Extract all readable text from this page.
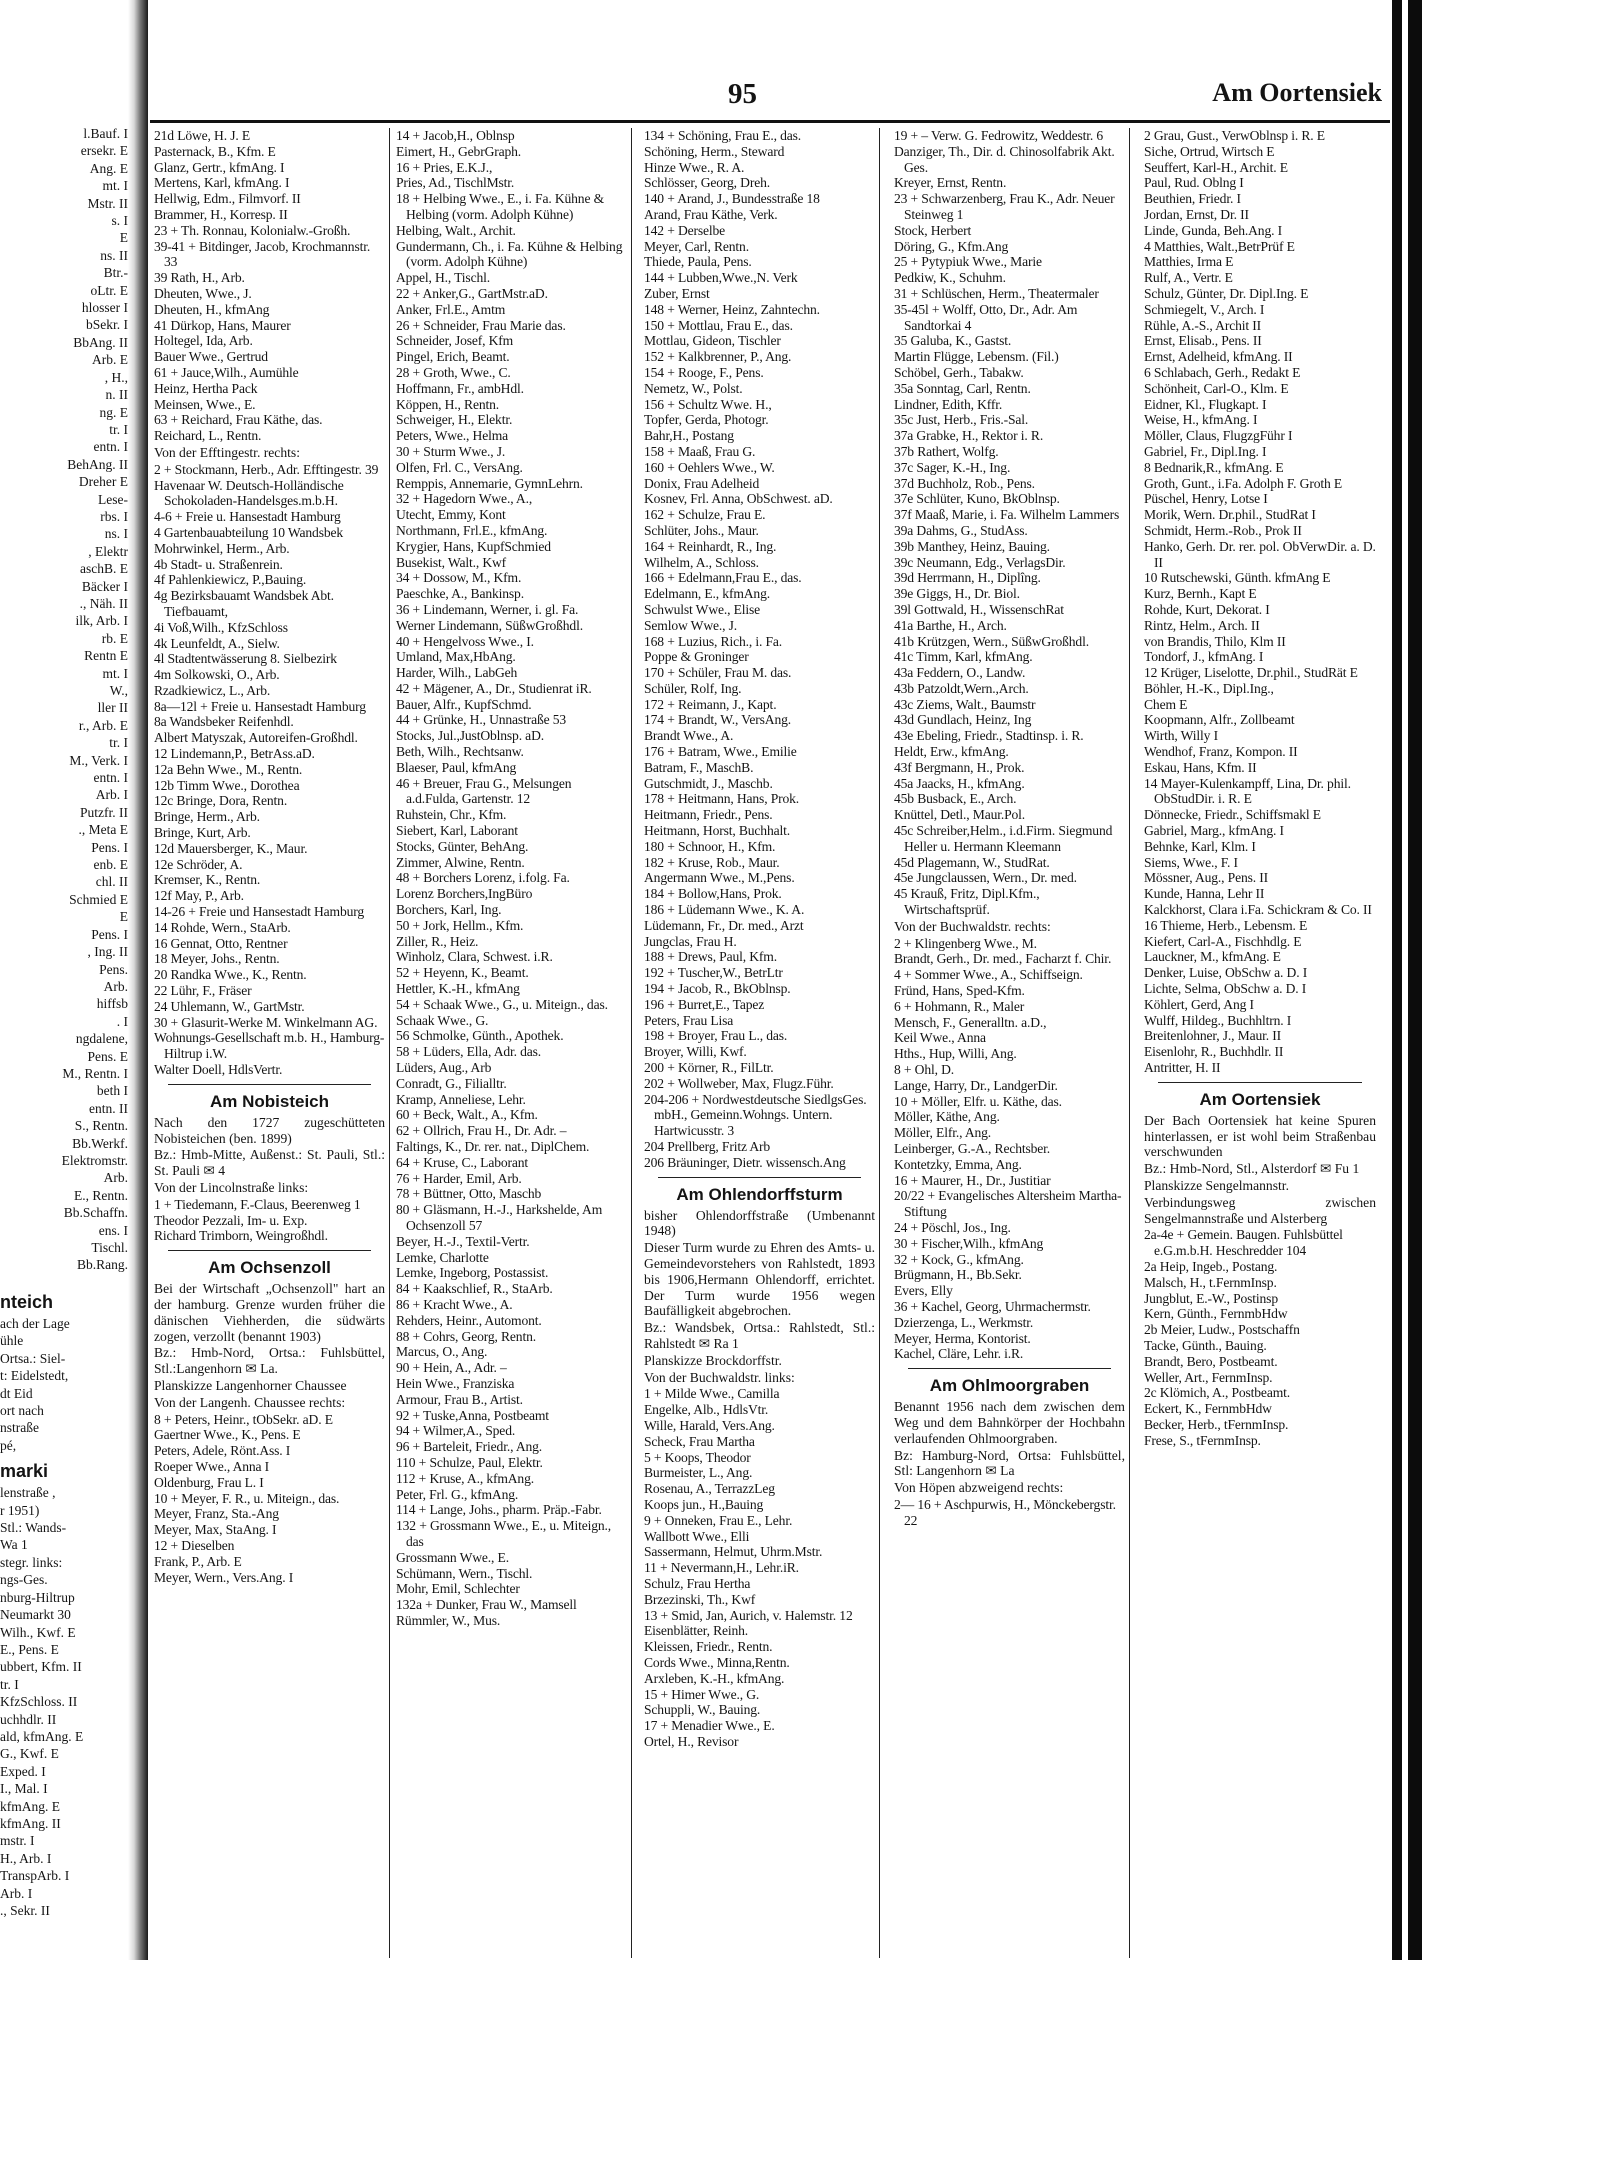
l.Bauf. I
ersekr. E
Ang. E
mt. I
Mstr. II
s. I
E
ns. II
Btr.-
oLtr. E
hlosser I
bSekr. I
BbAng. II
Arb. E
, H.,
n. II
ng. E
tr. I
entn. I
BehAng. II
Dreher E
Lese-
rbs. I
ns. I
, Elektr
aschB. E
Bäcker I
., Näh. II
ilk, Arb. I
rb. E
Rentn E
mt. I
W.,
ller II
r., Arb. E
tr. I
M., Verk. I
entn. I
Arb. I
Putzfr. II
., Meta E
Pens. I
enb. E
chl. II
Schmied E
E
Pens. I
, Ing. II
Pens.
Arb.
hiffsb
. I
ngdalene,
Pens. E
M., Rentn. I
beth I
entn. II
S., Rentn.
Bb.Werkf.
Elektromstr.
Arb.
E., Rentn.
Bb.Schaffn.
ens. I
Tischl.
Bb.Rang.
nteich
ach der Lage
ühle
Ortsa.: Siel-
t: Eidelstedt,
dt Eid
ort nach
nstraße
pé,
marki
lenstraße ,
r 1951)
Stl.: Wands-
Wa 1
stegr. links:
ngs-Ges.
nburg-Hiltrup
Neumarkt 30
Wilh., Kwf. E
E., Pens. E
ubbert, Kfm. II
tr. I
KfzSchloss. II
uchhdlr. II
ald, kfmAng. E
G., Kwf. E
Exped. I
I., Mal. I
kfmAng. E
kfmAng. II
mstr. I
H., Arb. I
TranspArb. I
Arb. I
., Sekr. II
95	Am Oortensiek
21d Löwe, H. J. E
Pasternack, B., Kfm. E
Glanz, Gertr., kfmAng. I
Mertens, Karl, kfmAng. I
Hellwig, Edm., Filmvorf. II
Brammer, H., Korresp. II
23 + Th. Ronnau, Kolonialw.-Großh.
39-41 + Bitdinger, Jacob, Krochmannstr. 33
39 Rath, H., Arb.
Dheuten, Wwe., J.
Dheuten, H., kfmAng
41 Dürkop, Hans, Maurer
Holtegel, Ida, Arb.
Bauer Wwe., Gertrud
61 + Jauce,Wilh., Aumühle
Heinz, Hertha Pack
Meinsen, Wwe., E.
63 + Reichard, Frau Käthe, das.
Reichard, L., Rentn.
Von der Efftingestr. rechts:
2 + Stockmann, Herb., Adr. Efftingestr. 39
Havenaar W. Deutsch-Holländische Schokoladen-Handelsges.m.b.H.
4-6 + Freie u. Hansestadt Hamburg
4 Gartenbauabteilung 10 Wandsbek
Mohrwinkel, Herm., Arb.
4b Stadt- u. Straßenrein.
4f Pahlenkiewicz, P.,Bauing.
4g Bezirksbauamt Wandsbek Abt. Tiefbauamt,
4i Voß,Wilh., KfzSchloss
4k Leunfeldt, A., Sielw.
4l Stadtentwässerung 8. Sielbezirk
4m Solkowski, O., Arb.
Rzadkiewicz, L., Arb.
8a—12l + Freie u. Hansestadt Hamburg
8a Wandsbeker Reifenhdl.
Albert Matyszak, Autoreifen-Großhdl.
12 Lindemann,P., BetrAss.aD.
12a Behn Wwe., M., Rentn.
12b Timm Wwe., Dorothea
12c Bringe, Dora, Rentn.
Bringe, Herm., Arb.
Bringe, Kurt, Arb.
12d Mauersberger, K., Maur.
12e Schröder, A.
Kremser, K., Rentn.
12f May, P., Arb.
14-26 + Freie und Hansestadt Hamburg
14 Rohde, Wern., StaArb.
16 Gennat, Otto, Rentner
18 Meyer, Johs., Rentn.
20 Randka Wwe., K., Rentn.
22 Lühr, F., Fräser
24 Uhlemann, W., GartMstr.
30 + Glasurit-Werke M. Winkelmann AG.
Wohnungs-Gesellschaft m.b. H., Hamburg-Hiltrup i.W.
Walter Doell, HdlsVertr.
Am Nobisteich
Nach den 1727 zugeschütteten Nobisteichen (ben. 1899)
Bz.: Hmb-Mitte, Außenst.: St. Pauli, Stl.: St. Pauli ✉ 4
Von der Lincolnstraße links:
1 + Tiedemann, F.-Claus, Beerenweg 1
Theodor Pezzali, Im- u. Exp.
Richard Trimborn, Weingroßhdl.
Am Ochsenzoll
Bei der Wirtschaft „Ochsenzoll" hart an der hamburg. Grenze wurden früher die dänischen Viehherden, die südwärts zogen, verzollt (benannt 1903)
Bz.: Hmb-Nord, Ortsa.: Fuhlsbüttel, Stl.:Langenhorn ✉ La.
Planskizze Langenhorner Chaussee
Von der Langenh. Chaussee rechts:
8 + Peters, Heinr., tObSekr. aD. E
Gaertner Wwe., K., Pens. E
Peters, Adele, Rönt.Ass. I
Roeper Wwe., Anna I
Oldenburg, Frau L. I
10 + Meyer, F. R., u. Miteign., das.
Meyer, Franz, Sta.-Ang
Meyer, Max, StaAng. I
12 + Dieselben
Frank, P., Arb. E
Meyer, Wern., Vers.Ang. I
14 + Jacob,H., Oblnsp
Eimert, H., GebrGraph.
16 + Pries, E.K.J.,
Pries, Ad., TischlMstr.
18 + Helbing Wwe., E., i. Fa. Kühne & Helbing (vorm. Adolph Kühne)
Helbing, Walt., Archit.
Gundermann, Ch., i. Fa. Kühne & Helbing (vorm. Adolph Kühne)
Appel, H., Tischl.
22 + Anker,G., GartMstr.aD.
Anker, Frl.E., Amtm
26 + Schneider, Frau Marie das.
Schneider, Josef, Kfm
Pingel, Erich, Beamt.
28 + Groth, Wwe., C.
Hoffmann, Fr., ambHdl.
Köppen, H., Rentn.
Schweiger, H., Elektr.
Peters, Wwe., Helma
30 + Sturm Wwe., J.
Olfen, Frl. C., VersAng.
Remppis, Annemarie, GymnLehrn.
32 + Hagedorn Wwe., A.,
Utecht, Emmy, Kont
Northmann, Frl.E., kfmAng.
Krygier, Hans, KupfSchmied
Busekist, Walt., Kwf
34 + Dossow, M., Kfm.
Paeschke, A., Bankinsp.
36 + Lindemann, Werner, i. gl. Fa.
Werner Lindemann, SüßwGroßhdl.
40 + Hengelvoss Wwe., I.
Umland, Max,HbAng.
Harder, Wilh., LabGeh
42 + Mägener, A., Dr., Studienrat iR.
Bauer, Alfr., KupfSchmd.
44 + Grünke, H., Unnastraße 53
Stocks, Jul.,JustOblnsp. aD.
Beth, Wilh., Rechtsanw.
Blaeser, Paul, kfmAng
46 + Breuer, Frau G., Melsungen a.d.Fulda, Gartenstr. 12
Ruhstein, Chr., Kfm.
Siebert, Karl, Laborant
Stocks, Günter, BehAng.
Zimmer, Alwine, Rentn.
48 + Borchers Lorenz, i.folg. Fa.
Lorenz Borchers,IngBüro
Borchers, Karl, Ing.
50 + Jork, Hellm., Kfm.
Ziller, R., Heiz.
Winholz, Clara, Schwest. i.R.
52 + Heyenn, K., Beamt.
Hettler, K.-H., kfmAng
54 + Schaak Wwe., G., u. Miteign., das.
Schaak Wwe., G.
56 Schmolke, Günth., Apothek.
58 + Lüders, Ella, Adr. das.
Lüders, Aug., Arb
Conradt, G., Filialltr.
Kramp, Anneliese, Lehr.
60 + Beck, Walt., A., Kfm.
62 + Ollrich, Frau H., Dr. Adr. –
Faltings, K., Dr. rer. nat., DiplChem.
64 + Kruse, C., Laborant
76 + Harder, Emil, Arb.
78 + Büttner, Otto, Maschb
80 + Gläsmann, H.-J., Harkshelde, Am Ochsenzoll 57
Beyer, H.-J., Textil-Vertr.
Lemke, Charlotte
Lemke, Ingeborg, Postassist.
84 + Kaakschlief, R., StaArb.
86 + Kracht Wwe., A.
Rehders, Heinr., Automont.
88 + Cohrs, Georg, Rentn.
Marcus, O., Ang.
90 + Hein, A., Adr. –
Hein Wwe., Franziska
Armour, Frau B., Artist.
92 + Tuske,Anna, Postbeamt
94 + Wilmer,A., Sped.
96 + Barteleit, Friedr., Ang.
110 + Schulze, Paul, Elektr.
112 + Kruse, A., kfmAng.
Peter, Frl. G., kfmAng.
114 + Lange, Johs., pharm. Präp.-Fabr.
132 + Grossmann Wwe., E., u. Miteign., das
Grossmann Wwe., E.
Schümann, Wern., Tischl.
Mohr, Emil, Schlechter
132a + Dunker, Frau W., Mamsell
Rümmler, W., Mus.
134 + Schöning, Frau E., das.
Schöning, Herm., Steward
Hinze Wwe., R. A.
Schlösser, Georg, Dreh.
140 + Arand, J., Bundesstraße 18
Arand, Frau Käthe, Verk.
142 + Derselbe
Meyer, Carl, Rentn.
Thiede, Paula, Pens.
144 + Lubben,Wwe.,N. Verk
Zuber, Ernst
148 + Werner, Heinz, Zahntechn.
150 + Mottlau, Frau E., das.
Mottlau, Gideon, Tischler
152 + Kalkbrenner, P., Ang.
154 + Rooge, F., Pens.
Nemetz, W., Polst.
156 + Schultz Wwe. H.,
Topfer, Gerda, Photogr.
Bahr,H., Postang
158 + Maaß, Frau G.
160 + Oehlers Wwe., W.
Donix, Frau Adelheid
Kosnev, Frl. Anna, ObSchwest. aD.
162 + Schulze, Frau E.
Schlüter, Johs., Maur.
164 + Reinhardt, R., Ing.
Wilhelm, A., Schloss.
166 + Edelmann,Frau E., das.
Edelmann, E., kfmAng.
Schwulst Wwe., Elise
Semlow Wwe., J.
168 + Luzius, Rich., i. Fa.
Poppe & Groninger
170 + Schüler, Frau M. das.
Schüler, Rolf, Ing.
172 + Reimann, J., Kapt.
174 + Brandt, W., VersAng.
Brandt Wwe., A.
176 + Batram, Wwe., Emilie
Batram, F., MaschB.
Gutschmidt, J., Maschb.
178 + Heitmann, Hans, Prok.
Heitmann, Friedr., Pens.
Heitmann, Horst, Buchhalt.
180 + Schnoor, H., Kfm.
182 + Kruse, Rob., Maur.
Angermann Wwe., M.,Pens.
184 + Bollow,Hans, Prok.
186 + Lüdemann Wwe., K. A.
Lüdemann, Fr., Dr. med., Arzt
Jungclas, Frau H.
188 + Drews, Paul, Kfm.
192 + Tuscher,W., BetrLtr
194 + Jacob, R., BkOblnsp.
196 + Burret,E., Tapez
Peters, Frau Lisa
198 + Broyer, Frau L., das.
Broyer, Willi, Kwf.
200 + Körner, R., FilLtr.
202 + Wollweber, Max, Flugz.Führ.
204-206 + Nordwestdeutsche SiedlgsGes. mbH., Gemeinn.Wohngs. Untern. Hartwicusstr. 3
204 Prellberg, Fritz Arb
206 Bräuninger, Dietr. wissensch.Ang
Am Ohlendorffsturm
bisher Ohlendorffstraße (Umbenannt 1948)
Dieser Turm wurde zu Ehren des Amts- u. Gemeindevorstehers von Rahlstedt, 1893 bis 1906,Hermann Ohlendorff, errichtet. Der Turm wurde 1956 wegen Baufälligkeit abgebrochen.
Bz.: Wandsbek, Ortsa.: Rahlstedt, Stl.: Rahlstedt ✉ Ra 1
Planskizze Brockdorffstr.
Von der Buchwaldstr. links:
1 + Milde Wwe., Camilla
Engelke, Alb., HdlsVtr.
Wille, Harald, Vers.Ang.
Scheck, Frau Martha
5 + Koops, Theodor
Burmeister, L., Ang.
Rosenau, A., TerrazzLeg
Koops jun., H.,Bauing
9 + Onneken, Frau E., Lehr.
Wallbott Wwe., Elli
Sassermann, Helmut, Uhrm.Mstr.
11 + Nevermann,H., Lehr.iR.
Schulz, Frau Hertha
Brzezinski, Th., Kwf
13 + Smid, Jan, Aurich, v. Halemstr. 12
Eisenblätter, Reinh.
Kleissen, Friedr., Rentn.
Cords Wwe., Minna,Rentn.
Arxleben, K.-H., kfmAng.
15 + Himer Wwe., G.
Schuppli, W., Bauing.
17 + Menadier Wwe., E.
Ortel, H., Revisor
19 + – Verw. G. Fedrowitz, Weddestr. 6
Danziger, Th., Dir. d. Chinosolfabrik Akt. Ges.
Kreyer, Ernst, Rentn.
23 + Schwarzenberg, Frau K., Adr. Neuer Steinweg 1
Stock, Herbert
Döring, G., Kfm.Ang
25 + Pytypiuk Wwe., Marie
Pedkiw, K., Schuhm.
31 + Schlüschen, Herm., Theatermaler
35-45l + Wolff, Otto, Dr., Adr. Am Sandtorkai 4
35 Galuba, K., Gastst.
Martin Flügge, Lebensm. (Fil.)
Schöbel, Gerh., Tabakw.
35a Sonntag, Carl, Rentn.
Lindner, Edith, Kffr.
35c Just, Herb., Fris.-Sal.
37a Grabke, H., Rektor i. R.
37b Rathert, Wolfg.
37c Sager, K.-H., Ing.
37d Buchholz, Rob., Pens.
37e Schlüter, Kuno, BkOblnsp.
37f Maaß, Marie, i. Fa. Wilhelm Lammers
39a Dahms, G., StudAss.
39b Manthey, Heinz, Bauing.
39c Neumann, Edg., VerlagsDir.
39d Herrmann, H., Diplîng.
39e Giggs, H., Dr. Biol.
39l Gottwald, H., WissenschRat
41a Barthe, H., Arch.
41b Krützgen, Wern., SüßwGroßhdl.
41c Timm, Karl, kfmAng.
43a Feddern, O., Landw.
43b Patzoldt,Wern.,Arch.
43c Ziems, Walt., Baumstr
43d Gundlach, Heinz, Ing
43e Ebeling, Friedr., Stadtinsp. i. R.
Heldt, Erw., kfmAng.
43f Bergmann, H., Prok.
45a Jaacks, H., kfmAng.
45b Busback, E., Arch.
Knüttel, Detl., Maur.Pol.
45c Schreiber,Helm., i.d.Firm. Siegmund Heller u. Hermann Kleemann
45d Plagemann, W., StudRat.
45e Jungclaussen, Wern., Dr. med.
45 Krauß, Fritz, Dipl.Kfm., Wirtschaftsprüf.
Von der Buchwaldstr. rechts:
2 + Klingenberg Wwe., M.
Brandt, Gerh., Dr. med., Facharzt f. Chir.
4 + Sommer Wwe., A., Schiffseign.
Fründ, Hans, Sped-Kfm.
6 + Hohmann, R., Maler
Mensch, F., Generalltn. a.D.,
Keil Wwe., Anna
Hths., Hup, Willi, Ang.
8 + Ohl, D.
Lange, Harry, Dr., LandgerDir.
10 + Möller, Elfr. u. Käthe, das.
Möller, Käthe, Ang.
Möller, Elfr., Ang.
Leinberger, G.-A., Rechtsber.
Kontetzky, Emma, Ang.
16 + Maurer, H., Dr., Justitiar
20/22 + Evangelisches Altersheim Martha-Stiftung
24 + Pöschl, Jos., Ing.
30 + Fischer,Wilh., kfmAng
32 + Kock, G., kfmAng.
Brügmann, H., Bb.Sekr.
Evers, Elly
36 + Kachel, Georg, Uhrmachermstr.
Dzierzenga, L., Werkmstr.
Meyer, Herma, Kontorist.
Kachel, Cläre, Lehr. i.R.
Am Ohlmoorgraben
Benannt 1956 nach dem zwischen dem Weg und dem Bahnkörper der Hochbahn verlaufenden Ohlmoorgraben.
Bz: Hamburg-Nord, Ortsa: Fuhlsbüttel, Stl: Langenhorn ✉ La
Von Höpen abzweigend rechts:
2— 16 + Aschpurwis, H., Mönckebergstr. 22
2 Grau, Gust., VerwOblnsp i. R. E
Siche, Ortrud, Wirtsch E
Seuffert, Karl-H., Archit. E
Paul, Rud. Oblng I
Beuthien, Friedr. I
Jordan, Ernst, Dr. II
Linde, Gunda, Beh.Ang. I
4 Matthies, Walt.,BetrPrüf E
Matthies, Irma E
Rulf, A., Vertr. E
Schulz, Günter, Dr. Dipl.Ing. E
Schmiegelt, V., Arch. I
Rühle, A.-S., Archit II
Ernst, Elisab., Pens. II
Ernst, Adelheid, kfmAng. II
6 Schlabach, Gerh., Redakt E
Schönheit, Carl-O., Klm. E
Eidner, Kl., Flugkapt. I
Weise, H., kfmAng. I
Möller, Claus, FlugzgFühr I
Gabriel, Fr., Dipl.Ing. I
8 Bednarik,R., kfmAng. E
Groth, Gunt., i.Fa. Adolph F. Groth E
Püschel, Henry, Lotse I
Morik, Wern. Dr.phil., StudRat I
Schmidt, Herm.-Rob., Prok II
Hanko, Gerh. Dr. rer. pol. ObVerwDir. a. D. II
10 Rutschewski, Günth. kfmAng E
Kurz, Bernh., Kapt E
Rohde, Kurt, Dekorat. I
Rintz, Helm., Arch. II
von Brandis, Thilo, Klm II
Tondorf, J., kfmAng. I
12 Krüger, Liselotte, Dr.phil., StudRät E
Böhler, H.-K., Dipl.Ing.,
Chem E
Koopmann, Alfr., Zollbeamt
Wirth, Willy I
Wendhof, Franz, Kompon. II
Eskau, Hans, Kfm. II
14 Mayer-Kulenkampff, Lina, Dr. phil. ObStudDir. i. R. E
Dönnecke, Friedr., Schiffsmakl E
Gabriel, Marg., kfmAng. I
Behnke, Karl, Klm. I
Siems, Wwe., F. I
Mössner, Aug., Pens. II
Kunde, Hanna, Lehr II
Kalckhorst, Clara i.Fa. Schickram & Co. II
16 Thieme, Herb., Lebensm. E
Kiefert, Carl-A., Fischhdlg. E
Lauckner, M., kfmAng. E
Denker, Luise, ObSchw a. D. I
Lichte, Selma, ObSchw a. D. I
Köhlert, Gerd, Ang I
Wulff, Hildeg., Buchhltrn. I
Breitenlohner, J., Maur. II
Eisenlohr, R., Buchhdlr. II
Antritter, H. II
Am Oortensiek
Der Bach Oortensiek hat keine Spuren hinterlassen, er ist wohl beim Straßenbau verschwunden
Bz.: Hmb-Nord, Stl., Alsterdorf ✉ Fu 1
Planskizze Sengelmannstr.
Verbindungsweg zwischen Sengelmannstraße und Alsterberg
2a-4e + Gemein. Baugen. Fuhlsbüttel e.G.m.b.H. Heschredder 104
2a Heip, Ingeb., Postang.
Malsch, H., t.FernmInsp.
Jungblut, E.-W., Postinsp
Kern, Günth., FernmbHdw
2b Meier, Ludw., Postschaffn
Tacke, Günth., Bauing.
Brandt, Bero, Postbeamt.
Weller, Art., FernmInsp.
2c Klömich, A., Postbeamt.
Eckert, K., FernmbHdw
Becker, Herb., tFernmInsp.
Frese, S., tFernmInsp.
